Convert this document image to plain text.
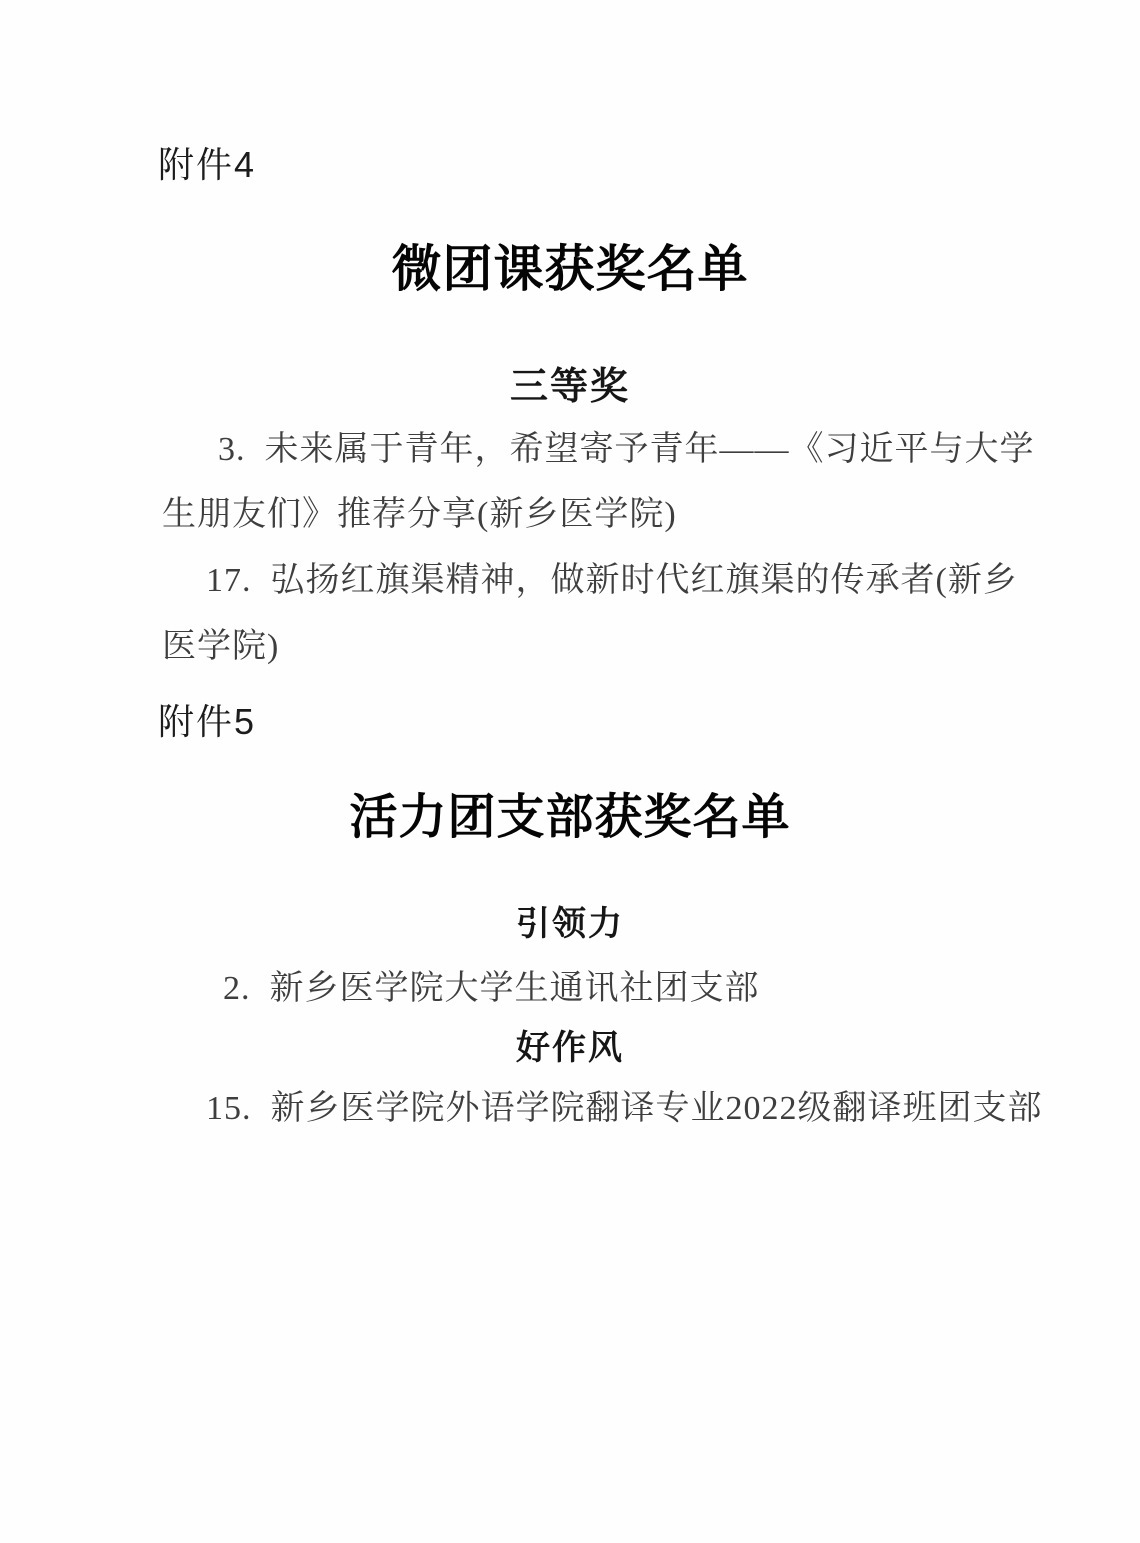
附件4
微团课获奖名单
三等奖
3.  未来属于青年，希望寄予青年——《习近平与大学
生朋友们》推荐分享(新乡医学院)
17.  弘扬红旗渠精神，做新时代红旗渠的传承者(新乡
医学院)
附件5
活力团支部获奖名单
引领力
2.  新乡医学院大学生通讯社团支部
好作风
15.  新乡医学院外语学院翻译专业2022级翻译班团支部
